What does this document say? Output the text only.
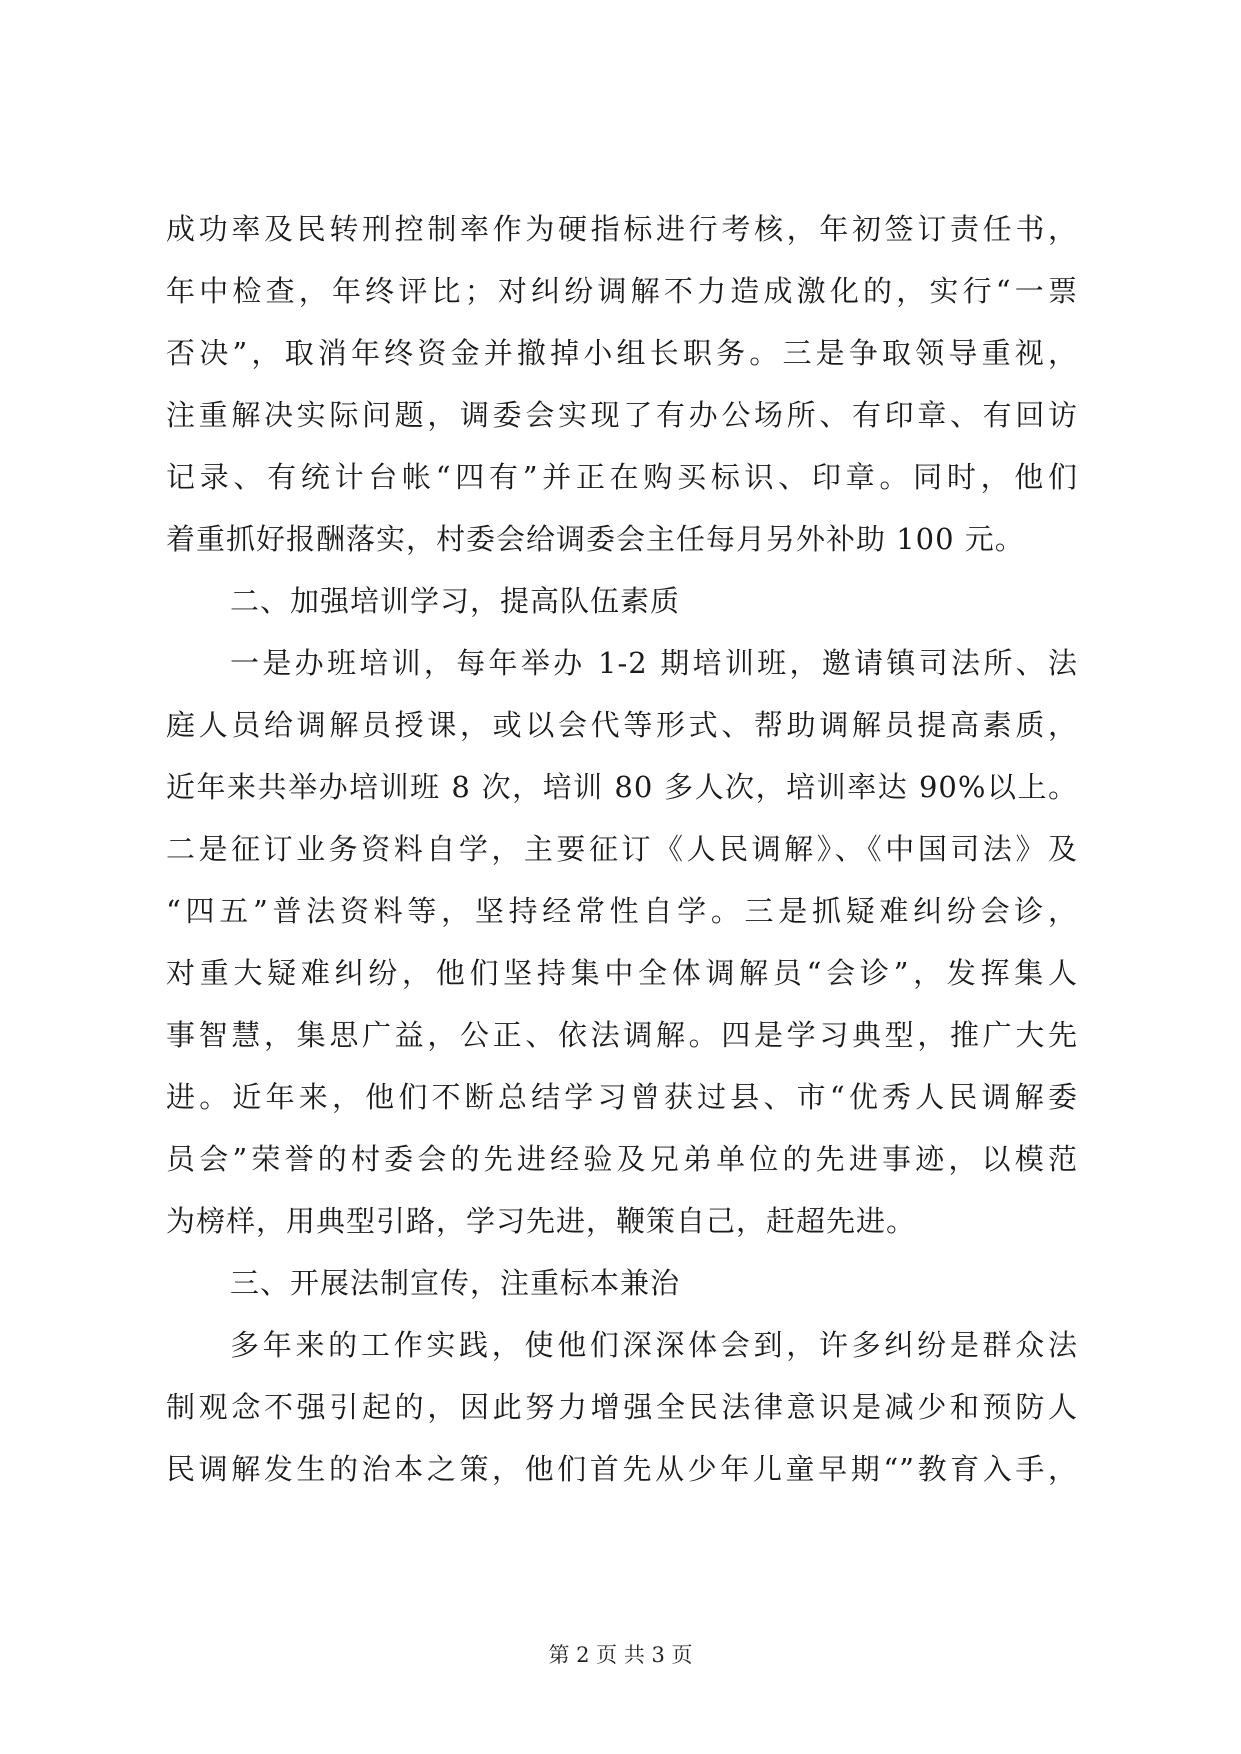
成功率及民转刑控制率作为硬指标进行考核，年初签订责任书，
年中检查，年终评比；对纠纷调解不力造成激化的，实行“一票
否决”，取消年终资金并撤掉小组长职务。三是争取领导重视，
注重解决实际问题，调委会实现了有办公场所、有印章、有回访
记录、有统计台帐“四有”并正在购买标识、印章。同时，他们
着重抓好报酬落实，村委会给调委会主任每月另外补助 100 元。
二、加强培训学习，提高队伍素质
一是办班培训，每年举办 1-2 期培训班，邀请镇司法所、法
庭人员给调解员授课，或以会代等形式、帮助调解员提高素质，
近年来共举办培训班 8 次，培训 80 多人次，培训率达 90%以上。
二是征订业务资料自学，主要征订《人民调解》、《中国司法》及
“四五”普法资料等，坚持经常性自学。三是抓疑难纠纷会诊，
对重大疑难纠纷，他们坚持集中全体调解员“会诊”，发挥集人
事智慧，集思广益，公正、依法调解。四是学习典型，推广大先
进。近年来，他们不断总结学习曾获过县、市“优秀人民调解委
员会”荣誉的村委会的先进经验及兄弟单位的先进事迹，以模范
为榜样，用典型引路，学习先进，鞭策自己，赶超先进。
三、开展法制宣传，注重标本兼治
多年来的工作实践，使他们深深体会到，许多纠纷是群众法
制观念不强引起的，因此努力增强全民法律意识是减少和预防人
民调解发生的治本之策，他们首先从少年儿童早期“”教育入手，
第 2 页 共 3 页
